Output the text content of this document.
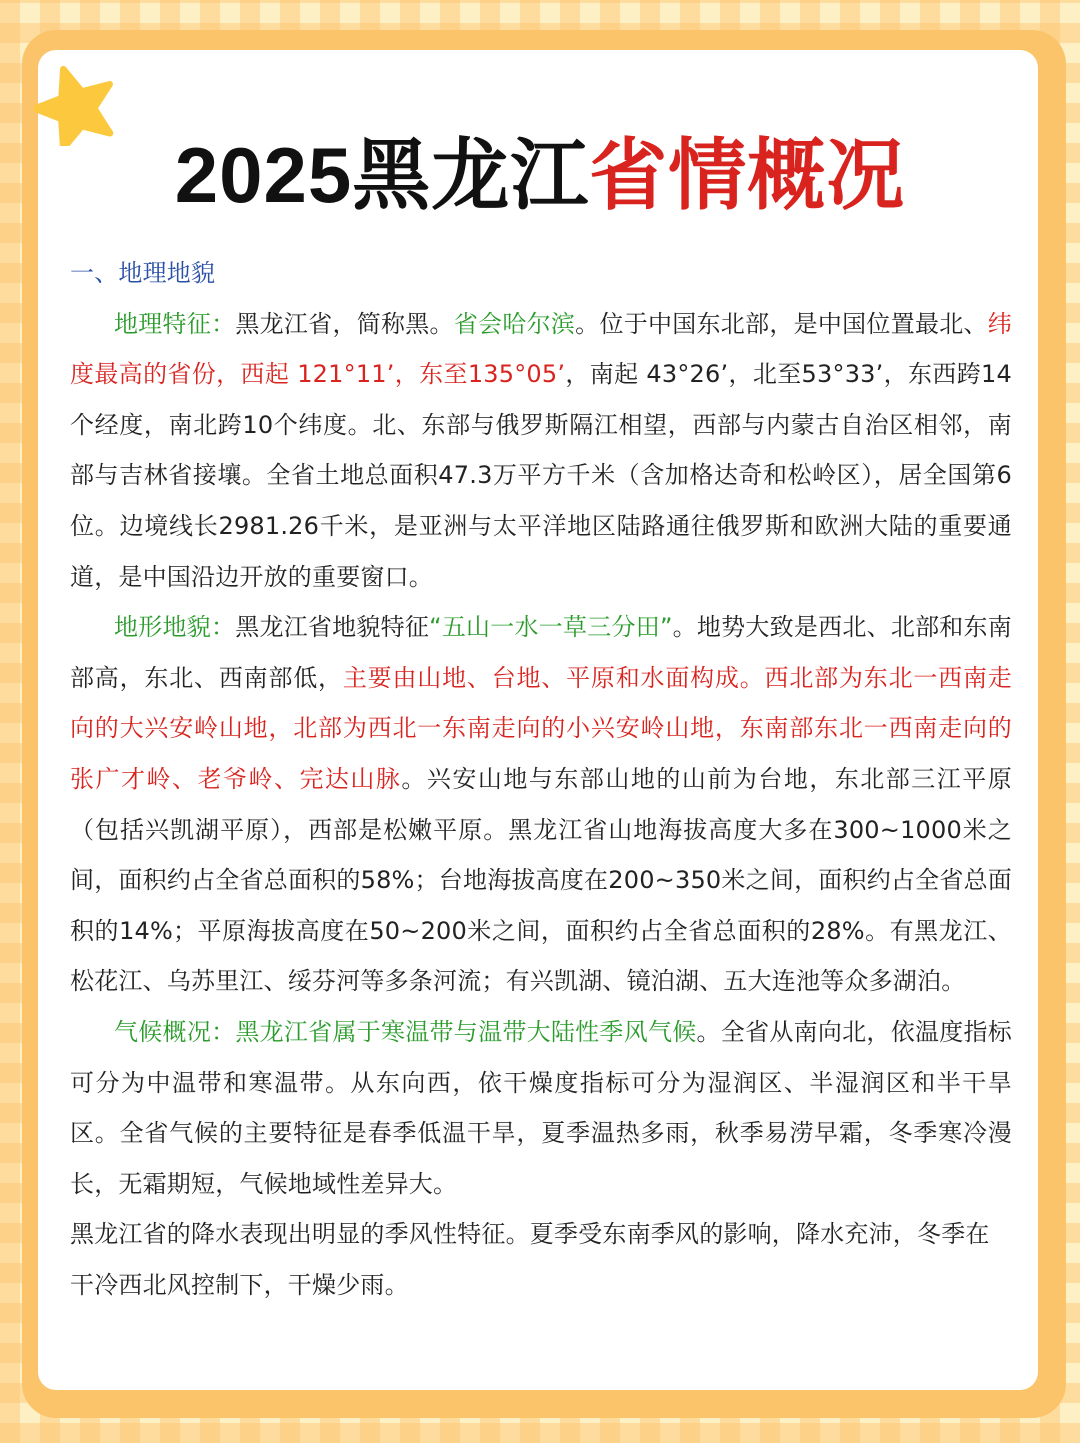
2025黑龙江省情概况

一、地理地貌

地理特征：黑龙江省，简称黑。省会哈尔滨。位于中国东北部，是中国位置最北、纬度最高的省份，西起 121°11’，东至135°05’，南起 43°26’，北至53°33’，东西跨14个经度，南北跨10个纬度。北、东部与俄罗斯隔江相望，西部与内蒙古自治区相邻，南部与吉林省接壤。全省土地总面积47.3万平方千米（含加格达奇和松岭区），居全国第6位。边境线长2981.26千米，是亚洲与太平洋地区陆路通往俄罗斯和欧洲大陆的重要通道，是中国沿边开放的重要窗口。

地形地貌：黑龙江省地貌特征“五山一水一草三分田”。地势大致是西北、北部和东南部高，东北、西南部低，主要由山地、台地、平原和水面构成。西北部为东北一西南走向的大兴安岭山地，北部为西北一东南走向的小兴安岭山地，东南部东北一西南走向的张广才岭、老爷岭、完达山脉。兴安山地与东部山地的山前为台地，东北部三江平原（包括兴凯湖平原），西部是松嫩平原。黑龙江省山地海拔高度大多在300~1000米之间，面积约占全省总面积的58%；台地海拔高度在200~350米之间，面积约占全省总面积的14%；平原海拔高度在50~200米之间，面积约占全省总面积的28%。有黑龙江、松花江、乌苏里江、绥芬河等多条河流；有兴凯湖、镜泊湖、五大连池等众多湖泊。

气候概况：黑龙江省属于寒温带与温带大陆性季风气候。全省从南向北，依温度指标可分为中温带和寒温带。从东向西，依干燥度指标可分为湿润区、半湿润区和半干旱区。全省气候的主要特征是春季低温干旱，夏季温热多雨，秋季易涝早霜，冬季寒冷漫长，无霜期短，气候地域性差异大。

黑龙江省的降水表现出明显的季风性特征。夏季受东南季风的影响，降水充沛，冬季在干冷西北风控制下，干燥少雨。
